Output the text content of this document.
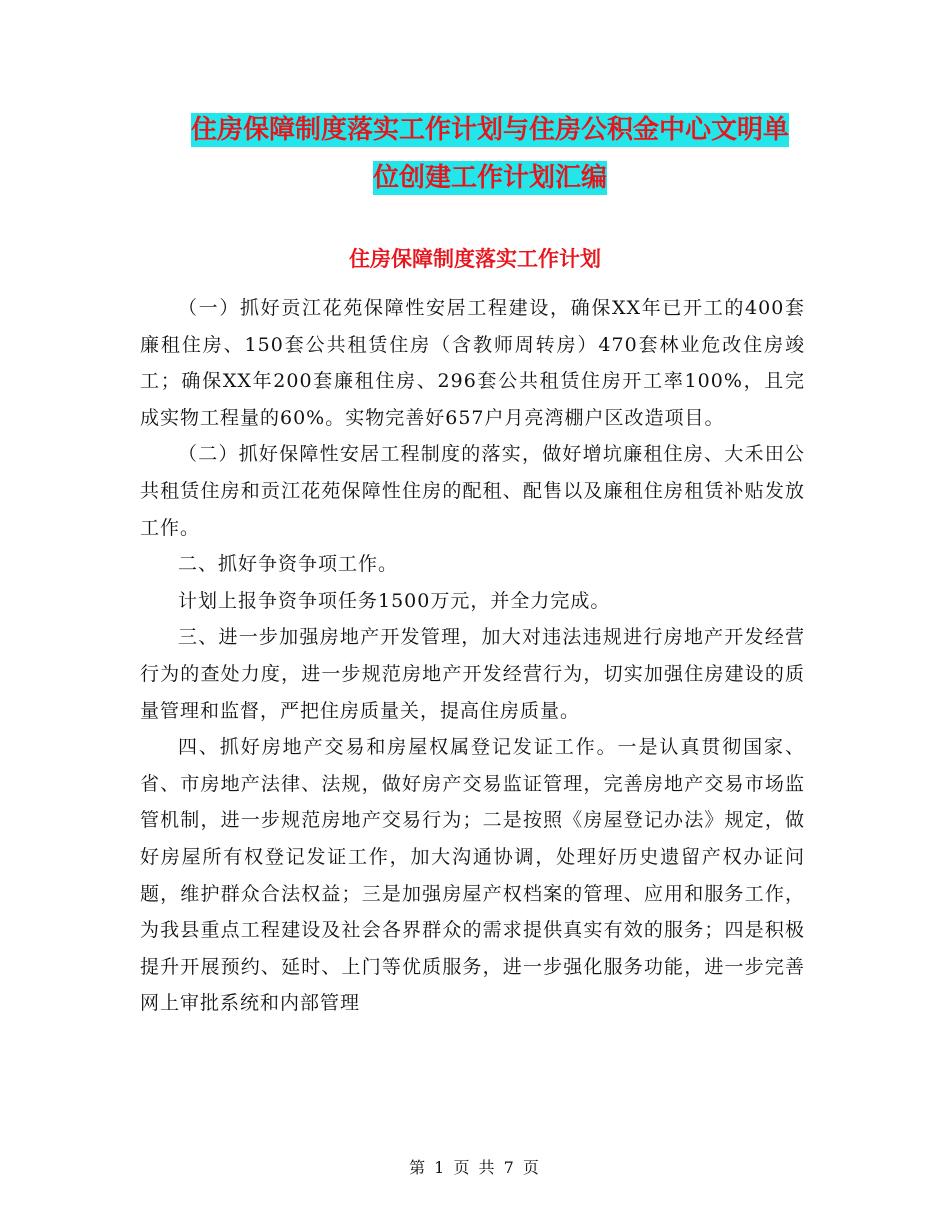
住房保障制度落实工作计划与住房公积金中心文明单
位创建工作计划汇编
住房保障制度落实工作计划

（一）抓好贡江花苑保障性安居工程建设，确保XX年已开工的400套廉租住房、150套公共租赁住房（含教师周转房）470套林业危改住房竣工；确保XX年200套廉租住房、296套公共租赁住房开工率100%，且完成实物工程量的60%。实物完善好657户月亮湾棚户区改造项目。

（二）抓好保障性安居工程制度的落实，做好增坑廉租住房、大禾田公共租赁住房和贡江花苑保障性住房的配租、配售以及廉租住房租赁补贴发放工作。

二、抓好争资争项工作。

计划上报争资争项任务1500万元，并全力完成。

三、进一步加强房地产开发管理，加大对违法违规进行房地产开发经营行为的查处力度，进一步规范房地产开发经营行为，切实加强住房建设的质量管理和监督，严把住房质量关，提高住房质量。

四、抓好房地产交易和房屋权属登记发证工作。一是认真贯彻国家、省、市房地产法律、法规，做好房产交易监证管理，完善房地产交易市场监管机制，进一步规范房地产交易行为；二是按照《房屋登记办法》规定，做好房屋所有权登记发证工作，加大沟通协调，处理好历史遗留产权办证问题，维护群众合法权益；三是加强房屋产权档案的管理、应用和服务工作，为我县重点工程建设及社会各界群众的需求提供真实有效的服务；四是积极提升开展预约、延时、上门等优质服务，进一步强化服务功能，进一步完善网上审批系统和内部管理

第 1 页 共 7 页
